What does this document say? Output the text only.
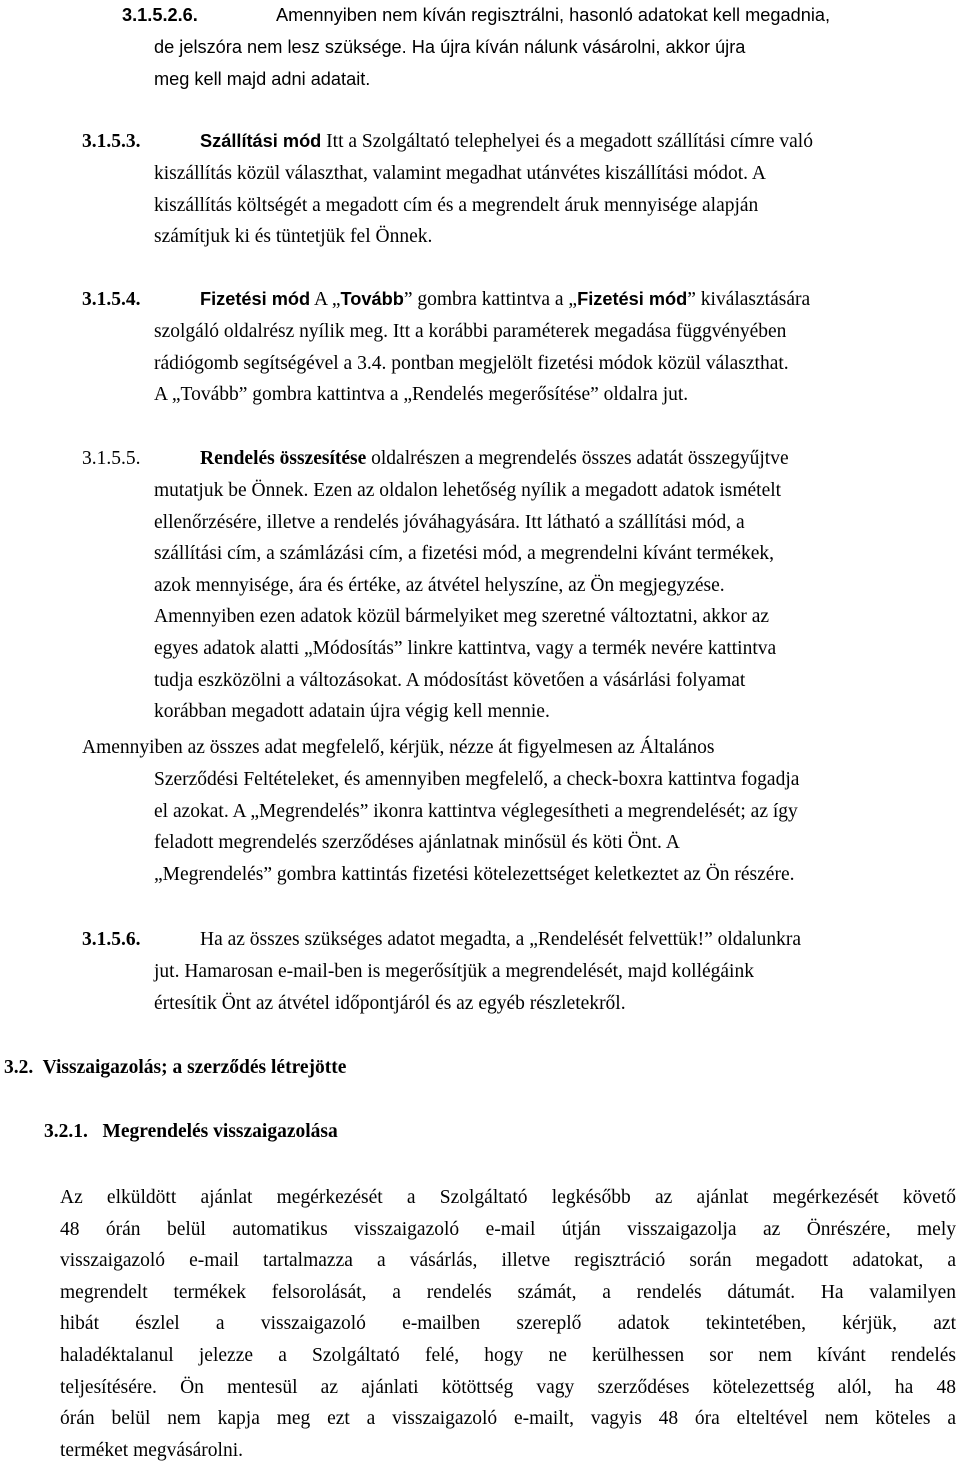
3.1.5.2.6.	Amennyiben nem kíván regisztrálni, hasonló adatokat kell megadnia,
de jelszóra nem lesz szüksége. Ha újra kíván nálunk vásárolni, akkor újra
meg kell majd adni adatait.
3.1.5.3.	Szállítási mód Itt a Szolgáltató telephelyei és a megadott szállítási címre való
kiszállítás közül választhat, valamint megadhat utánvétes kiszállítási módot. A
kiszállítás költségét a megadott cím és a megrendelt áruk mennyisége alapján
számítjuk ki és tüntetjük fel Önnek.
3.1.5.4.	Fizetési mód A „Tovább” gombra kattintva a „Fizetési mód” kiválasztására
szolgáló oldalrész nyílik meg. Itt a korábbi paraméterek megadása függvényében
rádiógomb segítségével a 3.4. pontban megjelölt fizetési módok közül választhat.
A „Tovább” gombra kattintva a „Rendelés megerősítése” oldalra jut.
3.1.5.5.	Rendelés összesítése oldalrészen a megrendelés összes adatát összegyűjtve
mutatjuk be Önnek. Ezen az oldalon lehetőség nyílik a megadott adatok ismételt
ellenőrzésére, illetve a rendelés jóváhagyására. Itt látható a szállítási mód, a
szállítási cím, a számlázási cím, a fizetési mód, a megrendelni kívánt termékek,
azok mennyisége, ára és értéke, az átvétel helyszíne, az Ön megjegyzése.
Amennyiben ezen adatok közül bármelyiket meg szeretné változtatni, akkor az
egyes adatok alatti „Módosítás” linkre kattintva, vagy a termék nevére kattintva
tudja eszközölni a változásokat. A módosítást követően a vásárlási folyamat
korábban megadott adatain újra végig kell mennie.
Amennyiben az összes adat megfelelő, kérjük, nézze át figyelmesen az Általános
Szerződési Feltételeket, és amennyiben megfelelő, a check-boxra kattintva fogadja
el azokat. A „Megrendelés” ikonra kattintva véglegesítheti a megrendelését; az így
feladott megrendelés szerződéses ajánlatnak minősül és köti Önt. A
„Megrendelés” gombra kattintás fizetési kötelezettséget keletkeztet az Ön részére.
3.1.5.6.	Ha az összes szükséges adatot megadta, a „Rendelését felvettük!” oldalunkra
jut. Hamarosan e-mail-ben is megerősítjük a megrendelését, majd kollégáink
értesítik Önt az átvétel időpontjáról és az egyéb részletekről.
3.2.  Visszaigazolás; a szerződés létrejötte
3.2.1.   Megrendelés visszaigazolása
Az elküldött ajánlat megérkezését a Szolgáltató legkésőbb az ajánlat megérkezését követő
48 órán belül automatikus visszaigazoló e-mail útján visszaigazolja az Önrészére, mely
visszaigazoló e-mail tartalmazza a vásárlás, illetve regisztráció során megadott adatokat, a
megrendelt termékek felsorolását, a rendelés számát, a rendelés dátumát. Ha valamilyen
hibát észlel a visszaigazoló e-mailben szereplő adatok tekintetében, kérjük, azt
haladéktalanul jelezze a Szolgáltató felé, hogy ne kerülhessen sor nem kívánt rendelés
teljesítésére. Ön mentesül az ajánlati kötöttség vagy szerződéses kötelezettség alól, ha 48
órán belül nem kapja meg ezt a visszaigazoló e-mailt, vagyis 48 óra elteltével nem köteles a
terméket megvásárolni.
